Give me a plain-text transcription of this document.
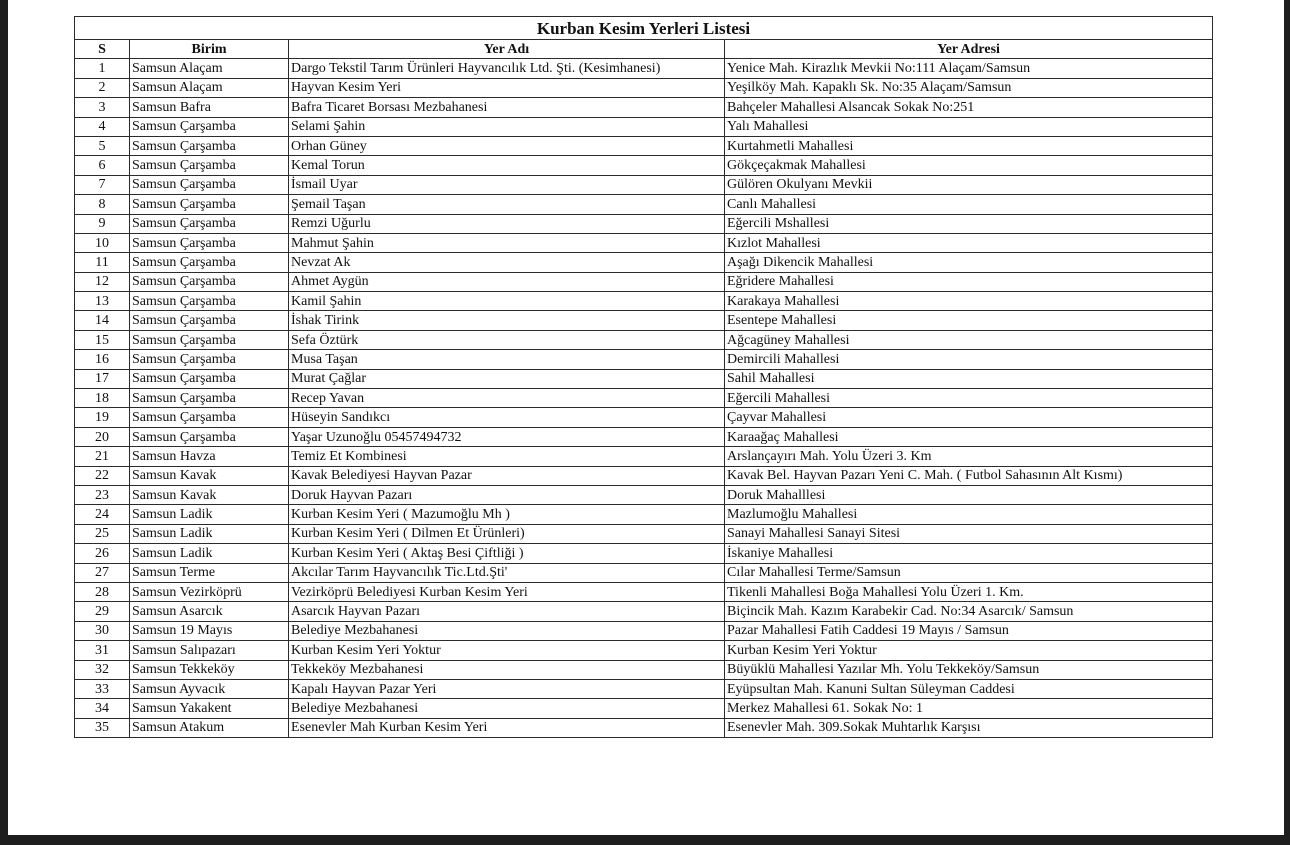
Kurban Kesim Yerleri Listesi			
S	Birim	Yer Adı	Yer Adresi
1	Samsun Alaçam	Dargo Tekstil Tarım Ürünleri Hayvancılık Ltd. Şti. (Kesimhanesi)	Yenice Mah. Kirazlık Mevkii No:111 Alaçam/Samsun
2	Samsun Alaçam	Hayvan Kesim Yeri	Yeşilköy Mah. Kapaklı Sk. No:35 Alaçam/Samsun
3	Samsun Bafra	Bafra Ticaret Borsası Mezbahanesi	Bahçeler Mahallesi Alsancak Sokak No:251
4	Samsun Çarşamba	Selami Şahin	Yalı Mahallesi
5	Samsun Çarşamba	Orhan Güney	Kurtahmetli Mahallesi
6	Samsun Çarşamba	Kemal Torun	Gökçeçakmak Mahallesi
7	Samsun Çarşamba	İsmail Uyar	Gülören Okulyanı Mevkii
8	Samsun Çarşamba	Şemail Taşan	Canlı Mahallesi
9	Samsun Çarşamba	Remzi Uğurlu	Eğercili Mshallesi
10	Samsun Çarşamba	Mahmut Şahin	Kızlot Mahallesi
11	Samsun Çarşamba	Nevzat Ak	Aşağı Dikencik Mahallesi
12	Samsun Çarşamba	Ahmet Aygün	Eğridere Mahallesi
13	Samsun Çarşamba	Kamil Şahin	Karakaya Mahallesi
14	Samsun Çarşamba	İshak Tirink	Esentepe Mahallesi
15	Samsun Çarşamba	Sefa Öztürk	Ağcagüney Mahallesi
16	Samsun Çarşamba	Musa Taşan	Demircili Mahallesi
17	Samsun Çarşamba	Murat Çağlar	Sahil Mahallesi
18	Samsun Çarşamba	Recep Yavan	Eğercili Mahallesi
19	Samsun Çarşamba	Hüseyin Sandıkcı	Çayvar Mahallesi
20	Samsun Çarşamba	Yaşar Uzunoğlu 05457494732	Karaağaç Mahallesi
21	Samsun Havza	Temiz Et Kombinesi	Arslançayırı Mah. Yolu Üzeri 3. Km
22	Samsun Kavak	Kavak Belediyesi Hayvan Pazar	Kavak Bel. Hayvan Pazarı Yeni C. Mah. ( Futbol Sahasının Alt Kısmı)
23	Samsun Kavak	Doruk Hayvan Pazarı	Doruk Mahalllesi
24	Samsun Ladik	Kurban Kesim Yeri ( Mazumoğlu Mh )	Mazlumoğlu Mahallesi
25	Samsun Ladik	Kurban Kesim Yeri ( Dilmen Et Ürünleri)	Sanayi Mahallesi Sanayi Sitesi
26	Samsun Ladik	Kurban Kesim Yeri ( Aktaş Besi Çiftliği )	İskaniye Mahallesi
27	Samsun Terme	Akcılar Tarım Hayvancılık Tic.Ltd.Şti'	Cılar Mahallesi Terme/Samsun
28	Samsun Vezirköprü	Vezirköprü Belediyesi Kurban Kesim Yeri	Tikenli Mahallesi Boğa Mahallesi Yolu Üzeri 1. Km.
29	Samsun Asarcık	Asarcık Hayvan Pazarı	Biçincik Mah. Kazım Karabekir Cad. No:34 Asarcık/ Samsun
30	Samsun 19 Mayıs	Belediye Mezbahanesi	Pazar Mahallesi Fatih Caddesi 19 Mayıs / Samsun
31	Samsun Salıpazarı	Kurban Kesim Yeri Yoktur	Kurban Kesim Yeri Yoktur
32	Samsun Tekkeköy	Tekkeköy Mezbahanesi	Büyüklü Mahallesi Yazılar Mh. Yolu Tekkeköy/Samsun
33	Samsun Ayvacık	Kapalı Hayvan Pazar Yeri	Eyüpsultan Mah. Kanuni Sultan Süleyman Caddesi
34	Samsun Yakakent	Belediye Mezbahanesi	Merkez Mahallesi 61. Sokak No: 1
35	Samsun Atakum	Esenevler Mah Kurban Kesim Yeri	Esenevler Mah. 309.Sokak Muhtarlık Karşısı
